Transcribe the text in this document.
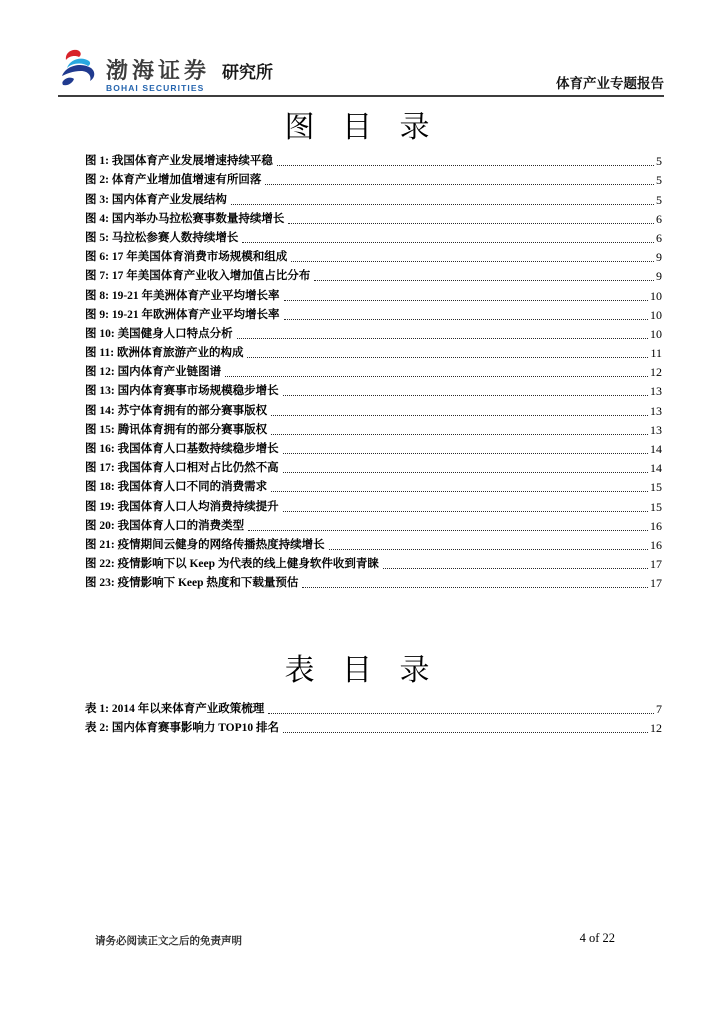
渤海证券
BOHAI SECURITIES
研究所
体育产业专题报告
图 目 录
图 1: 我国体育产业发展增速持续平稳	5
图 2: 体育产业增加值增速有所回落	5
图 3: 国内体育产业发展结构	5
图 4: 国内举办马拉松赛事数量持续增长	6
图 5: 马拉松参赛人数持续增长	6
图 6: 17 年美国体育消费市场规模和组成	9
图 7: 17 年美国体育产业收入增加值占比分布	9
图 8: 19-21 年美洲体育产业平均增长率	10
图 9: 19-21 年欧洲体育产业平均增长率	10
图 10: 美国健身人口特点分析	10
图 11: 欧洲体育旅游产业的构成	11
图 12: 国内体育产业链图谱	12
图 13: 国内体育赛事市场规模稳步增长	13
图 14: 苏宁体育拥有的部分赛事版权	13
图 15: 腾讯体育拥有的部分赛事版权	13
图 16: 我国体育人口基数持续稳步增长	14
图 17: 我国体育人口相对占比仍然不高	14
图 18: 我国体育人口不同的消费需求	15
图 19: 我国体育人口人均消费持续提升	15
图 20: 我国体育人口的消费类型	16
图 21: 疫情期间云健身的网络传播热度持续增长	16
图 22: 疫情影响下以 Keep 为代表的线上健身软件收到青睐	17
图 23: 疫情影响下 Keep 热度和下载量预估	17
表 目 录
表 1: 2014 年以来体育产业政策梳理	7
表 2: 国内体育赛事影响力 TOP10 排名	12
请务必阅读正文之后的免责声明	4 of 22
